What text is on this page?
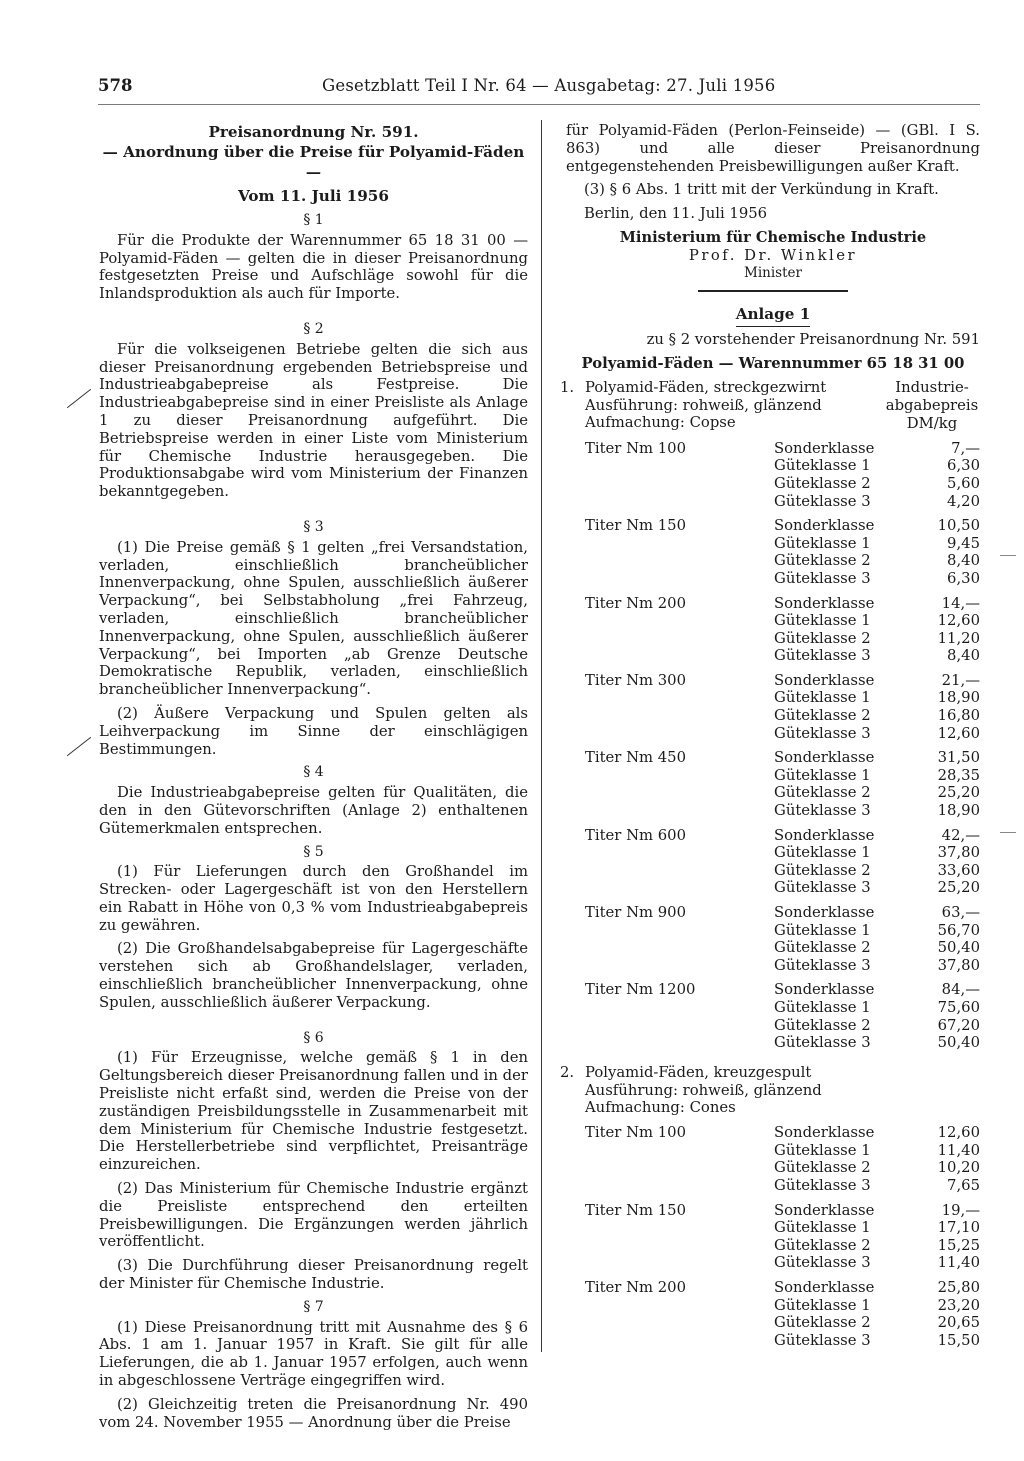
578	Gesetzblatt Teil I Nr. 64 — Ausgabetag: 27. Juli 1956
Preisanordnung Nr. 591.
— Anordnung über die Preise für Polyamid-Fäden —
Vom 11. Juli 1956
§ 1

Für die Produkte der Warennummer 65 18 31 00 — Polyamid-Fäden — gelten die in dieser Preisanordnung festgesetzten Preise und Aufschläge sowohl für die Inlandsproduktion als auch für Importe.

§ 2

Für die volkseigenen Betriebe gelten die sich aus dieser Preisanordnung ergebenden Betriebspreise und Industrieabgabepreise als Festpreise. Die Industrieabgabepreise sind in einer Preisliste als Anlage 1 zu dieser Preisanordnung aufgeführt. Die Betriebspreise werden in einer Liste vom Ministerium für Chemische Industrie herausgegeben. Die Produktionsabgabe wird vom Ministerium der Finanzen bekanntgegeben.

§ 3

(1) Die Preise gemäß § 1 gelten „frei Versandstation, verladen, einschließlich brancheüblicher Innenverpackung, ohne Spulen, ausschließlich äußerer Verpackung“, bei Selbstabholung „frei Fahrzeug, verladen, einschließlich brancheüblicher Innenverpackung, ohne Spulen, ausschließlich äußerer Verpackung“, bei Importen „ab Grenze Deutsche Demokratische Republik, verladen, einschließlich brancheüblicher Innenverpackung“.

(2) Äußere Verpackung und Spulen gelten als Leihverpackung im Sinne der einschlägigen Bestimmungen.

§ 4

Die Industrieabgabepreise gelten für Qualitäten, die den in den Gütevorschriften (Anlage 2) enthaltenen Gütemerkmalen entsprechen.

§ 5

(1) Für Lieferungen durch den Großhandel im Strecken- oder Lagergeschäft ist von den Herstellern ein Rabatt in Höhe von 0,3 % vom Industrieabgabepreis zu gewähren.

(2) Die Großhandelsabgabepreise für Lagergeschäfte verstehen sich ab Großhandelslager, verladen, einschließlich brancheüblicher Innenverpackung, ohne Spulen, ausschließlich äußerer Verpackung.

§ 6

(1) Für Erzeugnisse, welche gemäß § 1 in den Geltungsbereich dieser Preisanordnung fallen und in der Preisliste nicht erfaßt sind, werden die Preise von der zuständigen Preisbildungsstelle in Zusammenarbeit mit dem Ministerium für Chemische Industrie festgesetzt. Die Herstellerbetriebe sind verpflichtet, Preisanträge einzureichen.

(2) Das Ministerium für Chemische Industrie ergänzt die Preisliste entsprechend den erteilten Preisbewilligungen. Die Ergänzungen werden jährlich veröffentlicht.

(3) Die Durchführung dieser Preisanordnung regelt der Minister für Chemische Industrie.

§ 7

(1) Diese Preisanordnung tritt mit Ausnahme des § 6 Abs. 1 am 1. Januar 1957 in Kraft. Sie gilt für alle Lieferungen, die ab 1. Januar 1957 erfolgen, auch wenn in abgeschlossene Verträge eingegriffen wird.

(2) Gleichzeitig treten die Preisanordnung Nr. 490 vom 24. November 1955 — Anordnung über die Preise

für Polyamid-Fäden (Perlon-Feinseide) — (GBl. I S. 863) und alle dieser Preisanordnung entgegenstehenden Preisbewilligungen außer Kraft.

(3) § 6 Abs. 1 tritt mit der Verkündung in Kraft.

Berlin, den 11. Juli 1956

Ministerium für Chemische Industrie
Prof. Dr. Winkler
Minister
Anlage 1
zu § 2 vorstehender Preisanordnung Nr. 591
Polyamid-Fäden — Warennummer 65 18 31 00
1. Polyamid-Fäden, streckgezwirnt
Ausführung: rohweiß, glänzend
Aufmachung: Copse
Industrie-
abgabepreis
DM/kg
Titer Nm 100	Sonderklasse	7,—
Güteklasse 1	6,30
Güteklasse 2	5,60
Güteklasse 3	4,20
Titer Nm 150	Sonderklasse	10,50
Güteklasse 1	9,45
Güteklasse 2	8,40
Güteklasse 3	6,30
Titer Nm 200	Sonderklasse	14,—
Güteklasse 1	12,60
Güteklasse 2	11,20
Güteklasse 3	8,40
Titer Nm 300	Sonderklasse	21,—
Güteklasse 1	18,90
Güteklasse 2	16,80
Güteklasse 3	12,60
Titer Nm 450	Sonderklasse	31,50
Güteklasse 1	28,35
Güteklasse 2	25,20
Güteklasse 3	18,90
Titer Nm 600	Sonderklasse	42,—
Güteklasse 1	37,80
Güteklasse 2	33,60
Güteklasse 3	25,20
Titer Nm 900	Sonderklasse	63,—
Güteklasse 1	56,70
Güteklasse 2	50,40
Güteklasse 3	37,80
Titer Nm 1200	Sonderklasse	84,—
Güteklasse 1	75,60
Güteklasse 2	67,20
Güteklasse 3	50,40
2. Polyamid-Fäden, kreuzgespult
Ausführung: rohweiß, glänzend
Aufmachung: Cones
Titer Nm 100	Sonderklasse	12,60
Güteklasse 1	11,40
Güteklasse 2	10,20
Güteklasse 3	7,65
Titer Nm 150	Sonderklasse	19,—
Güteklasse 1	17,10
Güteklasse 2	15,25
Güteklasse 3	11,40
Titer Nm 200	Sonderklasse	25,80
Güteklasse 1	23,20
Güteklasse 2	20,65
Güteklasse 3	15,50
